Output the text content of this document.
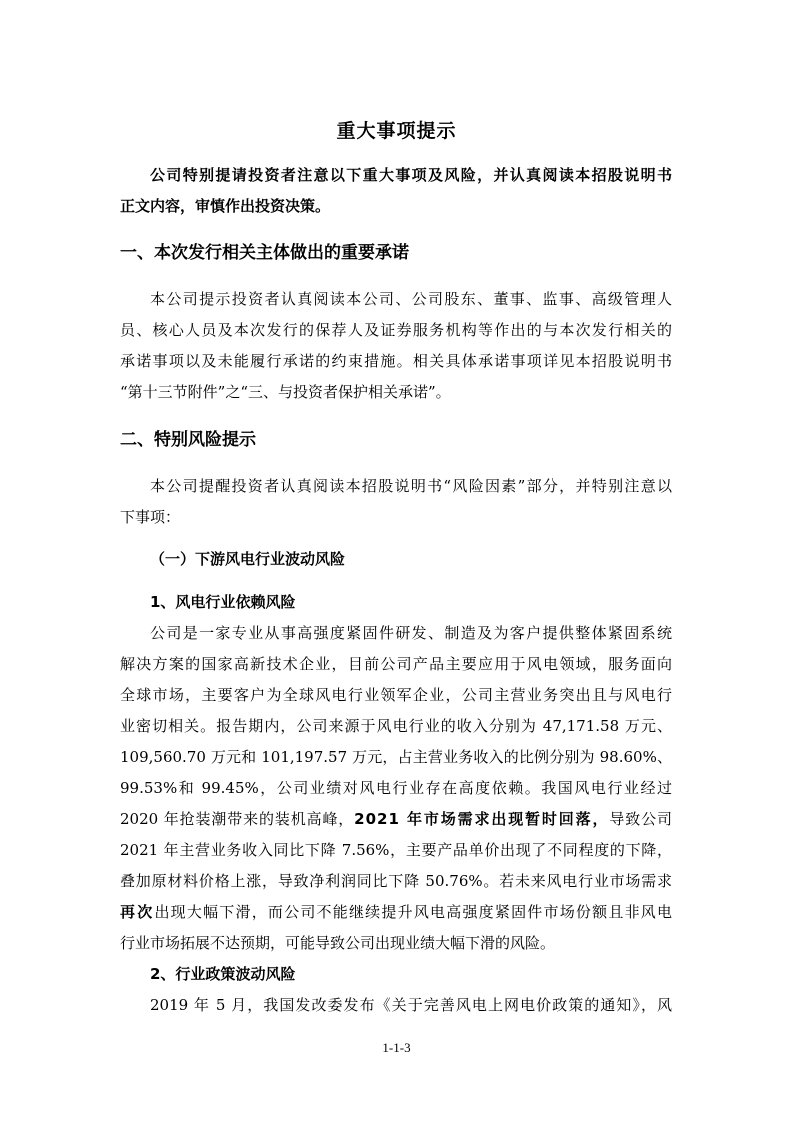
重大事项提示
公司特别提请投资者注意以下重大事项及风险，并认真阅读本招股说明书
正文内容，审慎作出投资决策。
一、本次发行相关主体做出的重要承诺
本公司提示投资者认真阅读本公司、公司股东、董事、监事、高级管理人
员、核心人员及本次发行的保荐人及证券服务机构等作出的与本次发行相关的
承诺事项以及未能履行承诺的约束措施。相关具体承诺事项详见本招股说明书
“第十三节附件”之“三、与投资者保护相关承诺”。
二、特别风险提示
本公司提醒投资者认真阅读本招股说明书“风险因素”部分，并特别注意以
下事项：
（一）下游风电行业波动风险
1、风电行业依赖风险
公司是一家专业从事高强度紧固件研发、制造及为客户提供整体紧固系统
解决方案的国家高新技术企业，目前公司产品主要应用于风电领域，服务面向
全球市场，主要客户为全球风电行业领军企业，公司主营业务突出且与风电行
业密切相关。报告期内，公司来源于风电行业的收入分别为 47,171.58 万元、
109,560.70 万元和 101,197.57 万元，占主营业务收入的比例分别为 98.60%、
99.53%和 99.45%，公司业绩对风电行业存在高度依赖。我国风电行业经过
2020 年抢装潮带来的装机高峰，2021 年市场需求出现暂时回落，导致公司
2021 年主营业务收入同比下降 7.56%，主要产品单价出现了不同程度的下降，
叠加原材料价格上涨，导致净利润同比下降 50.76%。若未来风电行业市场需求
再次出现大幅下滑，而公司不能继续提升风电高强度紧固件市场份额且非风电
行业市场拓展不达预期，可能导致公司出现业绩大幅下滑的风险。
2、行业政策波动风险
2019 年 5 月，我国发改委发布《关于完善风电上网电价政策的通知》，风
1-1-3
